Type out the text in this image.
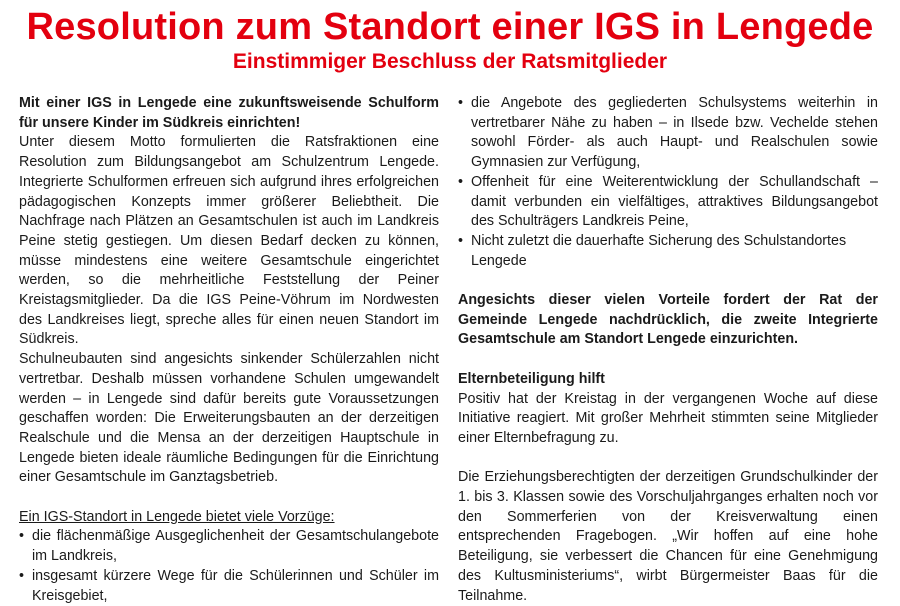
Resolution zum Standort einer IGS in Lengede
Einstimmiger Beschluss der Ratsmitglieder

Mit einer IGS in Lengede eine zukunftsweisende Schulform für unsere Kinder im Südkreis einrichten!

Unter diesem Motto formulierten die Ratsfraktionen eine Resolution zum Bildungsangebot am Schulzentrum Lengede. Integrierte Schulformen erfreuen sich aufgrund ihres erfolgreichen pädagogischen Konzepts immer größerer Beliebtheit. Die Nachfrage nach Plätzen an Gesamtschulen ist auch im Landkreis Peine stetig gestiegen. Um diesen Bedarf decken zu können, müsse mindestens eine weitere Gesamtschule eingerichtet werden, so die mehrheitliche Feststellung der Peiner Kreistagsmitglieder. Da die IGS Peine-Vöhrum im Nordwesten des Landkreises liegt, spreche alles für einen neuen Standort im Südkreis.

Schulneubauten sind angesichts sinkender Schülerzahlen nicht vertretbar. Deshalb müssen vorhandene Schulen umgewandelt werden – in Lengede sind dafür bereits gute Voraussetzungen geschaffen worden: Die Erweiterungsbauten an der derzeitigen Realschule und die Mensa an der derzeitigen Hauptschule in Lengede bieten ideale räumliche Bedingungen für die Einrichtung einer Gesamtschule im Ganztagsbetrieb.

Ein IGS-Standort in Lengede bietet viele Vorzüge:

• die flächenmäßige Ausgeglichenheit der Gesamtschulangebote im Landkreis,
• insgesamt kürzere Wege für die Schülerinnen und Schüler im Kreisgebiet,
• die Angebote des gegliederten Schulsystems weiterhin in vertretbarer Nähe zu haben – in Ilsede bzw. Vechelde stehen sowohl Förder- als auch Haupt- und Realschulen sowie Gymnasien zur Verfügung,
• Offenheit für eine Weiterentwicklung der Schullandschaft – damit verbunden ein vielfältiges, attraktives Bildungsangebot des Schulträgers Landkreis Peine,
• Nicht zuletzt die dauerhafte Sicherung des Schulstandortes Lengede

Angesichts dieser vielen Vorteile fordert der Rat der Gemeinde Lengede nachdrücklich, die zweite Integrierte Gesamtschule am Standort Lengede einzurichten.

Elternbeteiligung hilft

Positiv hat der Kreistag in der vergangenen Woche auf diese Initiative reagiert. Mit großer Mehrheit stimmten seine Mitglieder einer Elternbefragung zu.

Die Erziehungsberechtigten der derzeitigen Grundschulkinder der 1. bis 3. Klassen sowie des Vorschuljahrganges erhalten noch vor den Sommerferien von der Kreisverwaltung einen entsprechenden Fragebogen. „Wir hoffen auf eine hohe Beteiligung, sie verbessert die Chancen für eine Genehmigung des Kultusministeriums“, wirbt Bürgermeister Baas für die Teilnahme.
